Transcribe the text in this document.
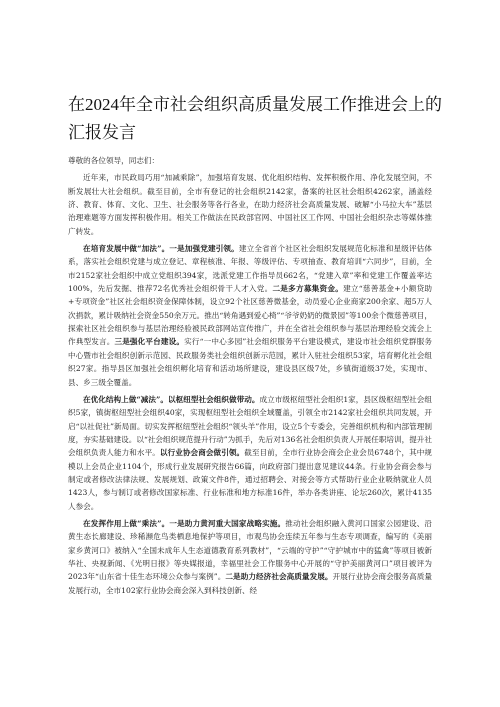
在2024年全市社会组织高质量发展工作推进会上的
汇报发言

尊敬的各位领导，同志们：

近年来，市民政局巧用“加减乘除”，加强培育发展、优化组织结构、发挥积极作用、净化发展空间，不断发展壮大社会组织。截至目前，全市有登记的社会组织2142家，备案的社区社会组织4262家，涵盖经济、教育、体育、文化、卫生、社会服务等各行各业，在助力经济社会高质量发展、破解“小马拉大车”基层治理难题等方面发挥积极作用。相关工作做法在民政部官网、中国社区工作网、中国社会组织杂志等媒体推广转发。

在培育发展中做“加法”。一是加强党建引领。建立全省首个社区社会组织发展规范化标准和星级评估体系，落实社会组织党建与成立登记、章程核准、年报、等级评估、专项抽查、教育培训“六同步”，目前，全市2152家社会组织中成立党组织394家，选派党建工作指导员662名，“党建入章”率和党建工作覆盖率达100%，先后发掘、推荐72名优秀社会组织骨干人才入党。二是多方募集资金。建立“慈善基金+小额贷助+专项资金”社区社会组织资金保障体制，设立92个社区慈善微基金，动员爱心企业商家200余家、超5万人次捐款，累计吸纳社会资金550余万元。推出“转角遇到爱心椅”“爷爷奶奶的微景园”等100余个微慈善项目，探索社区社会组织参与基层治理经验被民政部网站宣传推广，并在全省社会组织参与基层治理经验交流会上作典型发言。三是强化平台建设。实行“一中心多园”社会组织服务平台建设模式，建设市社会组织党群服务中心暨市社会组织创新示范园、民政服务类社会组织创新示范园，累计入驻社会组织53家，培育孵化社会组织27家。指导县区加强社会组织孵化培育和活动场所建设，建设县区级7处，乡镇街道级37处，实现市、县、乡三级全覆盖。

在优化结构上做“减法”。以枢纽型社会组织做带动。成立市级枢纽型社会组织1家，县区级枢纽型社会组织5家，镇街枢纽型社会组织40家，实现枢纽型社会组织全域覆盖，引领全市2142家社会组织共同发展，开启“以社促社”新局面。切实发挥枢纽型社会组织“领头羊”作用，设立5个专委会，完善组织机构和内部管理制度，夯实基础建设。以“社会组织规范提升行动”为抓手，先后对136名社会组织负责人开展任职培训，提升社会组织负责人能力和水平。以行业协会商会做引领。截至目前，全市行业协会商会企业会员6748个，其中规模以上会员企业1104个，形成行业发展研究报告66篇，向政府部门提出意见建议44条。行业协会商会参与制定或者修改法律法规、发展规划、政策文件8件，通过招聘会、对接会等方式帮助行业企业吸纳就业人员1423人，参与制订或者修改国家标准、行业标准和地方标准16件，举办各类讲座、论坛260次，累计4135人参会。

在发挥作用上做“乘法”。一是助力黄河重大国家战略实施。推动社会组织融入黄河口国家公园建设、沿黄生态长廊建设、珍稀濒危鸟类栖息地保护等项目，市观鸟协会连续五年参与生态专项调查，编写的《美丽家乡黄河口》被纳入“全国未成年人生态道德教育系列教材”，“云端的守护”“守护城市中的猛禽”等项目被新华社、央视新闻、《光明日报》等央媒报道，幸福里社会工作服务中心开展的“守护美丽黄河口”项目被评为2023年“山东省十佳生态环境公众参与案例”。二是助力经济社会高质量发展。开展行业协会商会服务高质量发展行动，全市102家行业协会商会深入到科技创新、经
